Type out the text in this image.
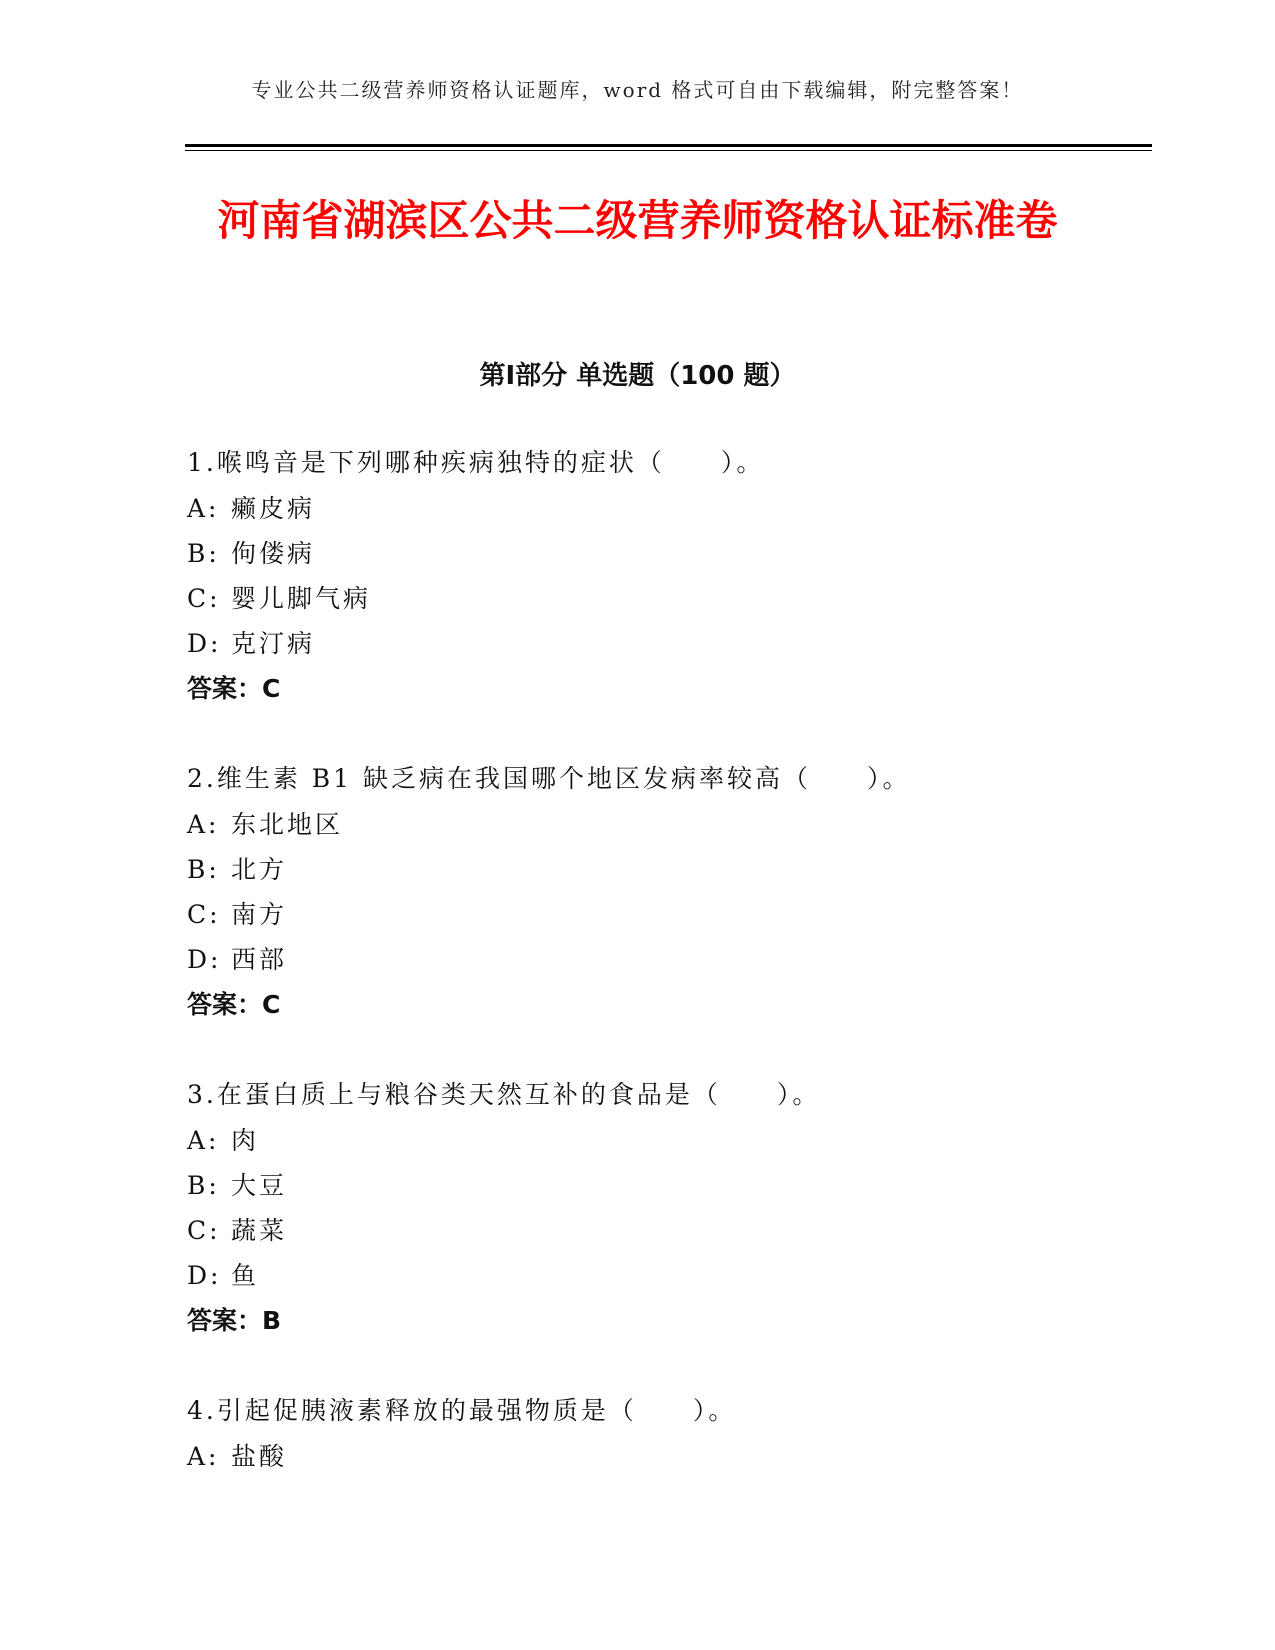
专业公共二级营养师资格认证题库，word 格式可自由下载编辑，附完整答案！
河南省湖滨区公共二级营养师资格认证标准卷
第Ⅰ部分 单选题（100 题）
1.喉鸣音是下列哪种疾病独特的症状（　　）。
A: 癞皮病
B: 佝偻病
C: 婴儿脚气病
D: 克汀病
答案：C
2.维生素 B1 缺乏病在我国哪个地区发病率较高（　　）。
A: 东北地区
B: 北方
C: 南方
D: 西部
答案：C
3.在蛋白质上与粮谷类天然互补的食品是（　　）。
A: 肉
B: 大豆
C: 蔬菜
D: 鱼
答案：B
4.引起促胰液素释放的最强物质是（　　）。
A: 盐酸
